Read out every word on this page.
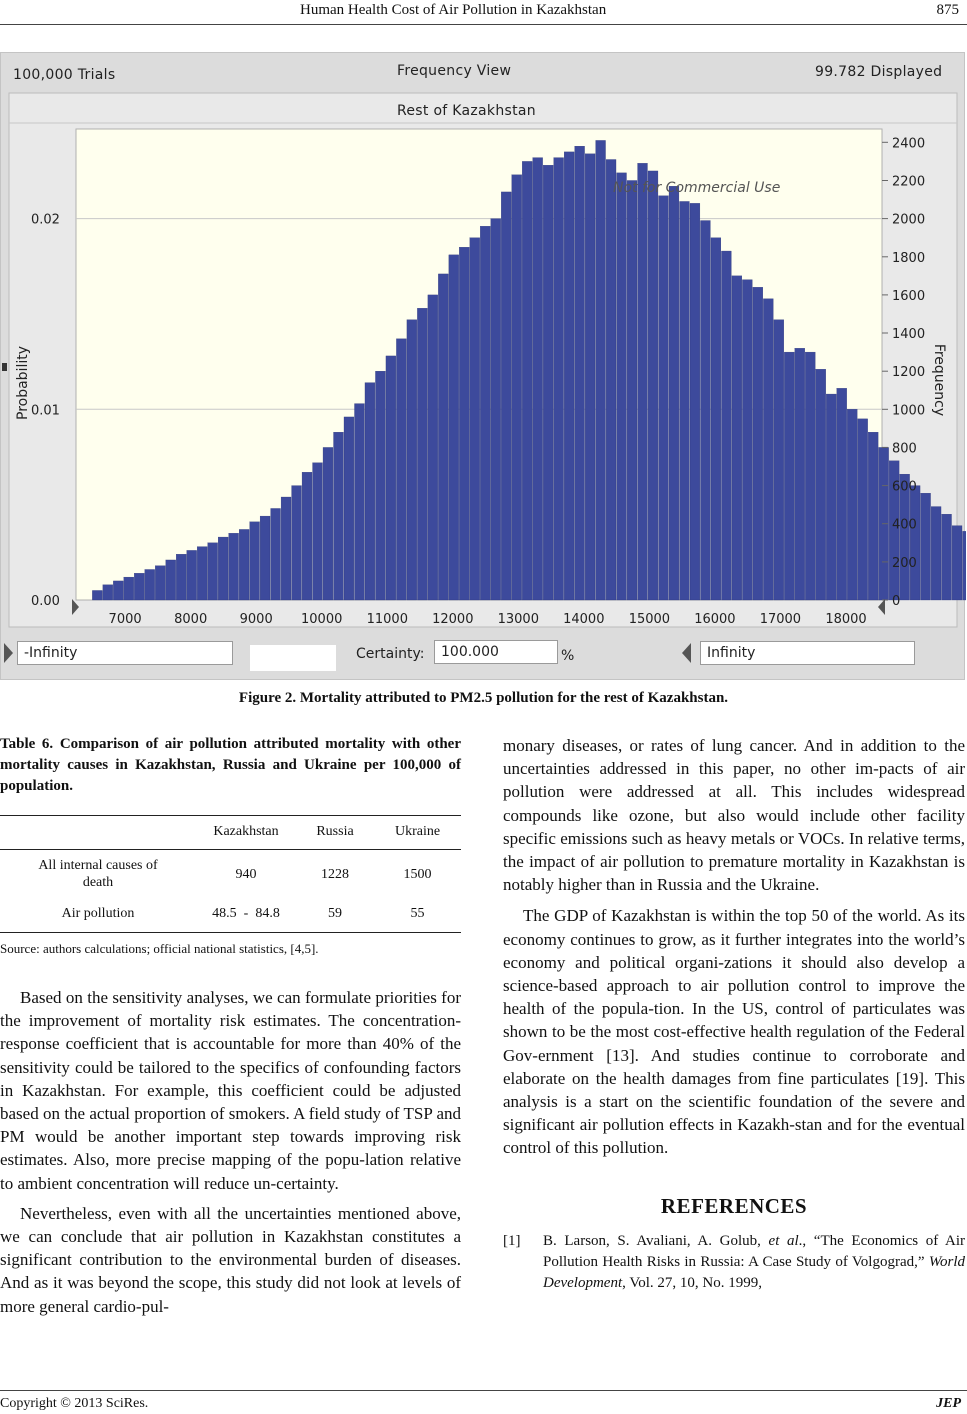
Human Health Cost of Air Pollution in Kazakhstan	875
100,000 Trials	Frequency View	99.782 Displayed
7000	8000 9000 10000 11000 12000 13000 14000 15000 16000 17000 18000
0
200
400
600
800
1000
1200
1400
1600
1800
2000
2200
2400
0.00
0.01
0.02
Not for Commercial Use
Probability	Frequency
Rest of Kazakhstan
-Infinity	Certainty:	100.000	%	Infinity
Figure 2. Mortality attributed to PM2.5 pollution for the rest of Kazakhstan.
Table 6. Comparison of air pollution attributed mortality with other mortality causes in Kazakhstan, Russia and Ukraine per 100,000 of population.
	Kazakhstan	Russia	Ukraine
All internal causes of death	940	1228	1500
Air pollution	48.5  -  84.8	59	55
Source: authors calculations; official national statistics, [4,5].

Based on the sensitivity analyses, we can formulate priorities for the improvement of mortality risk estimates. The concentration-response coefficient that is accountable for more than 40% of the sensitivity could be tailored to the specifics of confounding factors in Kazakhstan. For example, this coefficient could be adjusted based on the actual proportion of smokers. A field study of TSP and PM would be another important step towards improving risk estimates. Also, more precise mapping of the popu-lation relative to ambient concentration will reduce un-certainty.

Nevertheless, even with all the uncertainties mentioned above, we can conclude that air pollution in Kazakhstan constitutes a significant contribution to the environmental burden of diseases. And as it was beyond the scope, this study did not look at levels of more general cardio-pul-

monary diseases, or rates of lung cancer. And in addition to the uncertainties addressed in this paper, no other im-pacts of air pollution were addressed at all. This includes widespread compounds like ozone, but also would include other facility specific emissions such as heavy metals or VOCs. In relative terms, the impact of air pollution to premature mortality in Kazakhstan is notably higher than in Russia and the Ukraine.

The GDP of Kazakhstan is within the top 50 of the world. As its economy continues to grow, as it further integrates into the world’s economy and political organi-zations it should also develop a science-based approach to air pollution control to improve the health of the popula-tion. In the US, control of particulates was shown to be the most cost-effective health regulation of the Federal Gov-ernment [13]. And studies continue to corroborate and elaborate on the health damages from fine particulates [19]. This analysis is a start on the scientific foundation of the severe and significant air pollution effects in Kazakh-stan and for the eventual control of this pollution.

REFERENCES
[1] B. Larson, S. Avaliani, A. Golub, et al., “The Economics of Air Pollution Health Risks in Russia: A Case Study of Volgograd,” World Development, Vol. 27, 10, No. 1999,
Copyright © 2013 SciRes.	JEP
